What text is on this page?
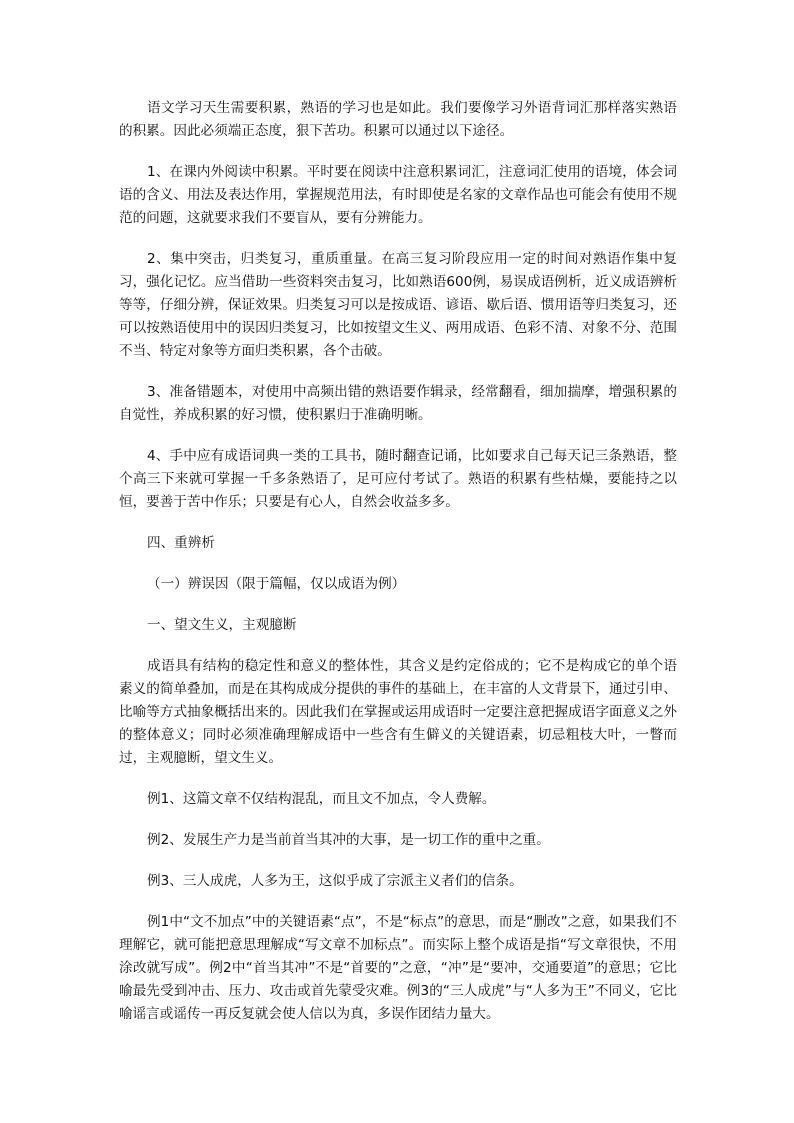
语文学习天生需要积累，熟语的学习也是如此。我们要像学习外语背词汇那样落实熟语的积累。因此必须端正态度，狠下苦功。积累可以通过以下途径。

1、在课内外阅读中积累。平时要在阅读中注意积累词汇，注意词汇使用的语境，体会词语的含义、用法及表达作用，掌握规范用法，有时即使是名家的文章作品也可能会有使用不规范的问题，这就要求我们不要盲从，要有分辨能力。

2、集中突击，归类复习，重质重量。在高三复习阶段应用一定的时间对熟语作集中复习，强化记忆。应当借助一些资料突击复习，比如熟语600例，易误成语例析，近义成语辨析等等，仔细分辨，保证效果。归类复习可以是按成语、谚语、歇后语、惯用语等归类复习，还可以按熟语使用中的误因归类复习，比如按望文生义、两用成语、色彩不清、对象不分、范围不当、特定对象等方面归类积累，各个击破。

3、准备错题本，对使用中高频出错的熟语要作辑录，经常翻看，细加揣摩，增强积累的自觉性，养成积累的好习惯，使积累归于准确明晰。

4、手中应有成语词典一类的工具书，随时翻查记诵，比如要求自己每天记三条熟语，整个高三下来就可掌握一千多条熟语了，足可应付考试了。熟语的积累有些枯燥，要能持之以恒，要善于苦中作乐；只要是有心人，自然会收益多多。

四、重辨析

（一）辨误因（限于篇幅，仅以成语为例）

一、望文生义，主观臆断

成语具有结构的稳定性和意义的整体性，其含义是约定俗成的；它不是构成它的单个语素义的简单叠加，而是在其构成成分提供的事件的基础上，在丰富的人文背景下，通过引申、比喻等方式抽象概括出来的。因此我们在掌握或运用成语时一定要注意把握成语字面意义之外的整体意义；同时必须准确理解成语中一些含有生僻义的关键语素，切忌粗枝大叶，一瞥而过，主观臆断，望文生义。

例1、这篇文章不仅结构混乱，而且文不加点，令人费解。

例2、发展生产力是当前首当其冲的大事，是一切工作的重中之重。

例3、三人成虎，人多为王，这似乎成了宗派主义者们的信条。

例1中“文不加点”中的关键语素“点”，不是“标点”的意思，而是“删改”之意，如果我们不理解它，就可能把意思理解成“写文章不加标点”。而实际上整个成语是指“写文章很快，不用涂改就写成”。例2中“首当其冲”不是“首要的”之意，“冲”是“要冲，交通要道”的意思；它比喻最先受到冲击、压力、攻击或首先蒙受灾难。例3的“三人成虎”与“人多为王”不同义，它比喻谣言或谣传一再反复就会使人信以为真，多误作团结力量大。
